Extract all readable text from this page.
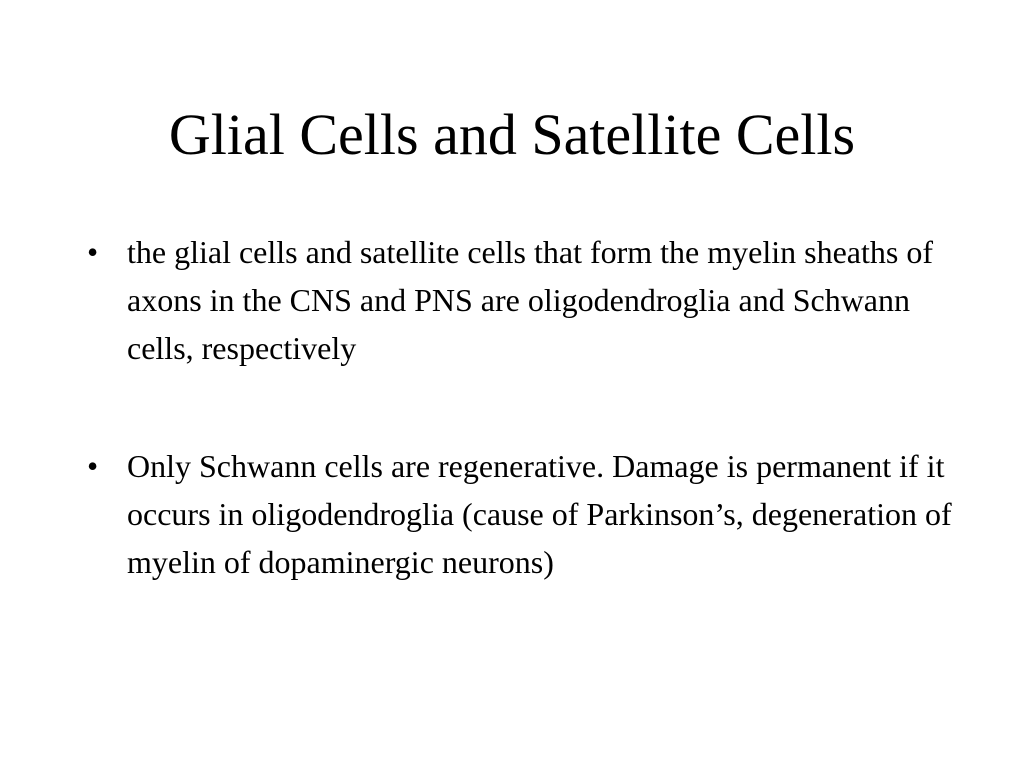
Glial Cells and Satellite Cells
• the glial cells and satellite cells that form the myelin sheaths of axons in the CNS and PNS are oligodendroglia and Schwann cells, respectively
• Only Schwann cells are regenerative. Damage is permanent if it occurs in oligodendroglia (cause of Parkinson’s, degeneration of myelin of dopaminergic neurons)
